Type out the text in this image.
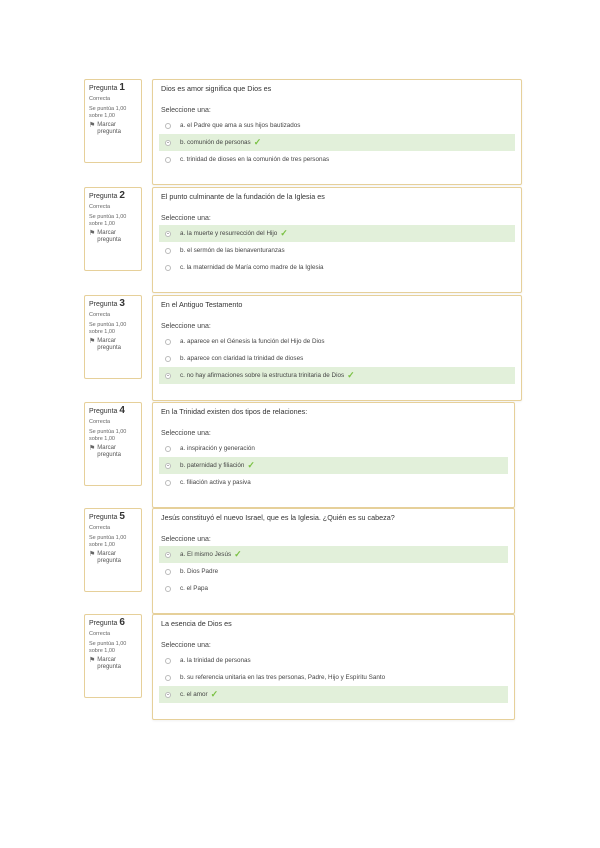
Pregunta 1
Correcta
Se puntúa 1,00 sobre 1,00
⚑ Marcar pregunta
Dios es amor significa que Dios es
Seleccione una:
a. el Padre que ama a sus hijos bautizados
b. comunión de personas ✓
c. trinidad de dioses en la comunión de tres personas
Pregunta 2
Correcta
Se puntúa 1,00 sobre 1,00
⚑ Marcar pregunta
El punto culminante de la fundación de la Iglesia es
Seleccione una:
a. la muerte y resurrección del Hijo ✓
b. el sermón de las bienaventuranzas
c. la maternidad de María como madre de la Iglesia
Pregunta 3
Correcta
Se puntúa 1,00 sobre 1,00
⚑ Marcar pregunta
En el Antiguo Testamento
Seleccione una:
a. aparece en el Génesis la función del Hijo de Dios
b. aparece con claridad la trinidad de dioses
c. no hay afirmaciones sobre la estructura trinitaria de Dios ✓
Pregunta 4
Correcta
Se puntúa 1,00 sobre 1,00
⚑ Marcar pregunta
En la Trinidad existen dos tipos de relaciones:
Seleccione una:
a. inspiración y generación
b. paternidad y filiación ✓
c. filiación activa y pasiva
Pregunta 5
Correcta
Se puntúa 1,00 sobre 1,00
⚑ Marcar pregunta
Jesús constituyó el nuevo Israel, que es la Iglesia. ¿Quién es su cabeza?
Seleccione una:
a. El mismo Jesús ✓
b. Dios Padre
c. el Papa
Pregunta 6
Correcta
Se puntúa 1,00 sobre 1,00
⚑ Marcar pregunta
La esencia de Dios es
Seleccione una:
a. la trinidad de personas
b. su referencia unitaria en las tres personas, Padre, Hijo y Espíritu Santo
c. el amor ✓
